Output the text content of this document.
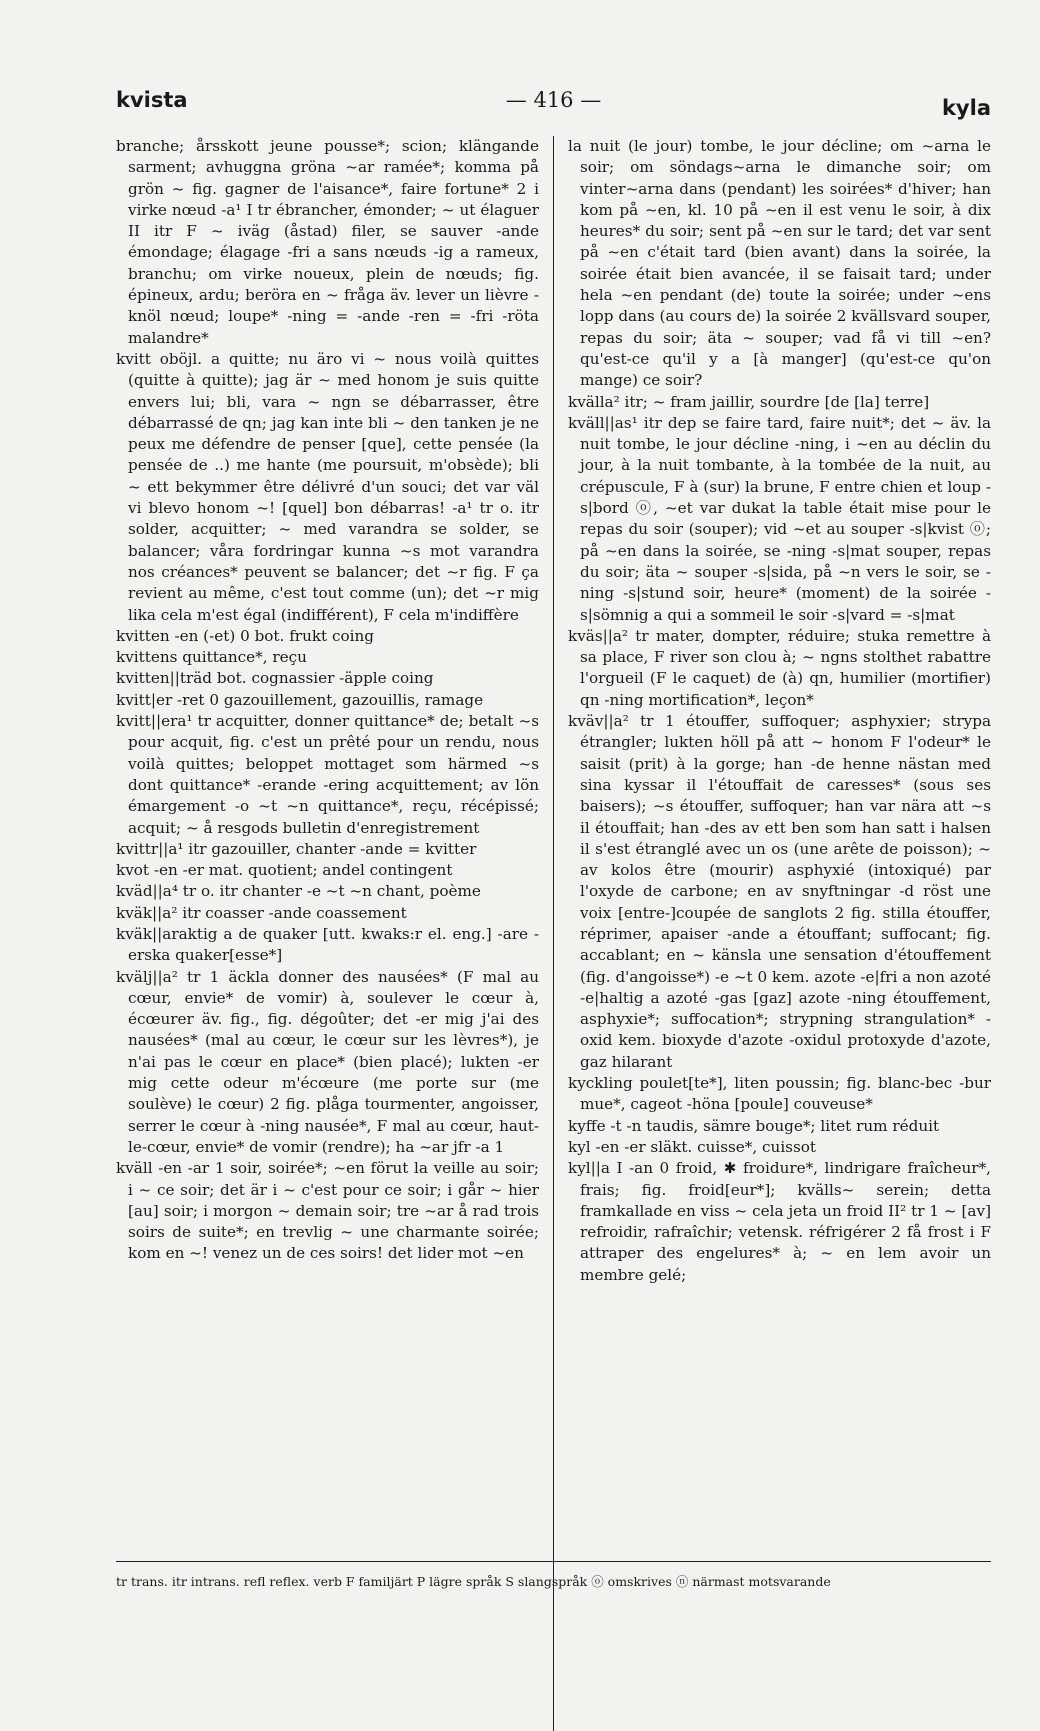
kvista	— 416 —	kyla

branche; årsskott jeune pousse*; scion; klängande sarment; avhuggna gröna ~ar ramée*; komma på grön ~ fig. gagner de l'aisance*, faire fortune* 2 i virke nœud -a¹ I tr ébrancher, émonder; ~ ut élaguer II itr F ~ iväg (åstad) filer, se sauver -ande émondage; élagage -fri a sans nœuds -ig a rameux, branchu; om virke noueux, plein de nœuds; fig. épineux, ardu; beröra en ~ fråga äv. lever un lièvre -knöl nœud; loupe* -ning = -ande -ren = -fri -röta malandre*

kvitt oböjl. a quitte; nu äro vi ~ nous voilà quittes (quitte à quitte); jag är ~ med honom je suis quitte envers lui; bli, vara ~ ngn se débarrasser, être débarrassé de qn; jag kan inte bli ~ den tanken je ne peux me défendre de penser [que], cette pensée (la pensée de ..) me hante (me poursuit, m'obsède); bli ~ ett bekymmer être délivré d'un souci; det var väl vi blevo honom ~! [quel] bon débarras! -a¹ tr o. itr solder, acquitter; ~ med varandra se solder, se balancer; våra fordringar kunna ~s mot varandra nos créances* peuvent se balancer; det ~r fig. F ça revient au même, c'est tout comme (un); det ~r mig lika cela m'est égal (indifférent), F cela m'indiffère

kvitten -en (-et) 0 bot. frukt coing

kvittens quittance*, reçu

kvitten||träd bot. cognassier -äpple coing

kvitt|er -ret 0 gazouillement, gazouillis, ramage

kvitt||era¹ tr acquitter, donner quittance* de; betalt ~s pour acquit, fig. c'est un prêté pour un rendu, nous voilà quittes; beloppet mottaget som härmed ~s dont quittance* -erande -ering acquittement; av lön émargement -o ~t ~n quittance*, reçu, récépissé; acquit; ~ å resgods bulletin d'enregistrement

kvittr||a¹ itr gazouiller, chanter -ande = kvitter

kvot -en -er mat. quotient; andel contingent

kväd||a⁴ tr o. itr chanter -e ~t ~n chant, poème

kväk||a² itr coasser -ande coassement

kväk||araktig a de quaker [utt. kwaks:r el. eng.] -are -erska quaker[esse*]

kvälj||a² tr 1 äckla donner des nausées* (F mal au cœur, envie* de vomir) à, soulever le cœur à, écœurer äv. fig., fig. dégoûter; det -er mig j'ai des nausées* (mal au cœur, le cœur sur les lèvres*), je n'ai pas le cœur en place* (bien placé); lukten -er mig cette odeur m'écœure (me porte sur (me soulève) le cœur) 2 fig. plåga tourmenter, angoisser, serrer le cœur à -ning nausée*, F mal au cœur, haut-le-cœur, envie* de vomir (rendre); ha ~ar jfr -a 1

kväll -en -ar 1 soir, soirée*; ~en förut la veille au soir; i ~ ce soir; det är i ~ c'est pour ce soir; i går ~ hier [au] soir; i morgon ~ demain soir; tre ~ar å rad trois soirs de suite*; en trevlig ~ une charmante soirée; kom en ~! venez un de ces soirs! det lider mot ~en

la nuit (le jour) tombe, le jour décline; om ~arna le soir; om söndags~arna le dimanche soir; om vinter~arna dans (pendant) les soirées* d'hiver; han kom på ~en, kl. 10 på ~en il est venu le soir, à dix heures* du soir; sent på ~en sur le tard; det var sent på ~en c'était tard (bien avant) dans la soirée, la soirée était bien avancée, il se faisait tard; under hela ~en pendant (de) toute la soirée; under ~ens lopp dans (au cours de) la soirée 2 kvällsvard souper, repas du soir; äta ~ souper; vad få vi till ~en? qu'est-ce qu'il y a [à manger] (qu'est-ce qu'on mange) ce soir?

kvälla² itr; ~ fram jaillir, sourdre [de [la] terre]

kväll||as¹ itr dep se faire tard, faire nuit*; det ~ äv. la nuit tombe, le jour décline -ning, i ~en au déclin du jour, à la nuit tombante, à la tombée de la nuit, au crépuscule, F à (sur) la brune, F entre chien et loup -s|bord ⓞ, ~et var dukat la table était mise pour le repas du soir (souper); vid ~et au souper -s|kvist ⓞ; på ~en dans la soirée, se -ning -s|mat souper, repas du soir; äta ~ souper -s|sida, på ~n vers le soir, se -ning -s|stund soir, heure* (moment) de la soirée -s|sömnig a qui a sommeil le soir -s|vard = -s|mat

kväs||a² tr mater, dompter, réduire; stuka remettre à sa place, F river son clou à; ~ ngns stolthet rabattre l'orgueil (F le caquet) de (à) qn, humilier (mortifier) qn -ning mortification*, leçon*

kväv||a² tr 1 étouffer, suffoquer; asphyxier; strypa étrangler; lukten höll på att ~ honom F l'odeur* le saisit (prit) à la gorge; han -de henne nästan med sina kyssar il l'étouffait de caresses* (sous ses baisers); ~s étouffer, suffoquer; han var nära att ~s il étouffait; han -des av ett ben som han satt i halsen il s'est étranglé avec un os (une arête de poisson); ~ av kolos être (mourir) asphyxié (intoxiqué) par l'oxyde de carbone; en av snyftningar -d röst une voix [entre-]coupée de sanglots 2 fig. stilla étouffer, réprimer, apaiser -ande a étouffant; suffocant; fig. accablant; en ~ känsla une sensation d'étouffement (fig. d'angoisse*) -e ~t 0 kem. azote -e|fri a non azoté -e|haltig a azoté -gas [gaz] azote -ning étouffement, asphyxie*; suffocation*; strypning strangulation* -oxid kem. bioxyde d'azote -oxidul protoxyde d'azote, gaz hilarant

kyckling poulet[te*], liten poussin; fig. blanc-bec -bur mue*, cageot -höna [poule] couveuse*

kyffe -t -n taudis, sämre bouge*; litet rum réduit

kyl -en -er släkt. cuisse*, cuissot

kyl||a I -an 0 froid, ✱ froidure*, lindrigare fraîcheur*, frais; fig. froid[eur*]; kvälls~ serein; detta framkallade en viss ~ cela jeta un froid II² tr 1 ~ [av] refroidir, rafraîchir; vetensk. réfrigérer 2 få frost i F attraper des engelures* à; ~ en lem avoir un membre gelé;

tr trans. itr intrans. refl reflex. verb F familjärt P lägre språk S slangspråk ⓞ omskrives ⓝ närmast motsvarande
